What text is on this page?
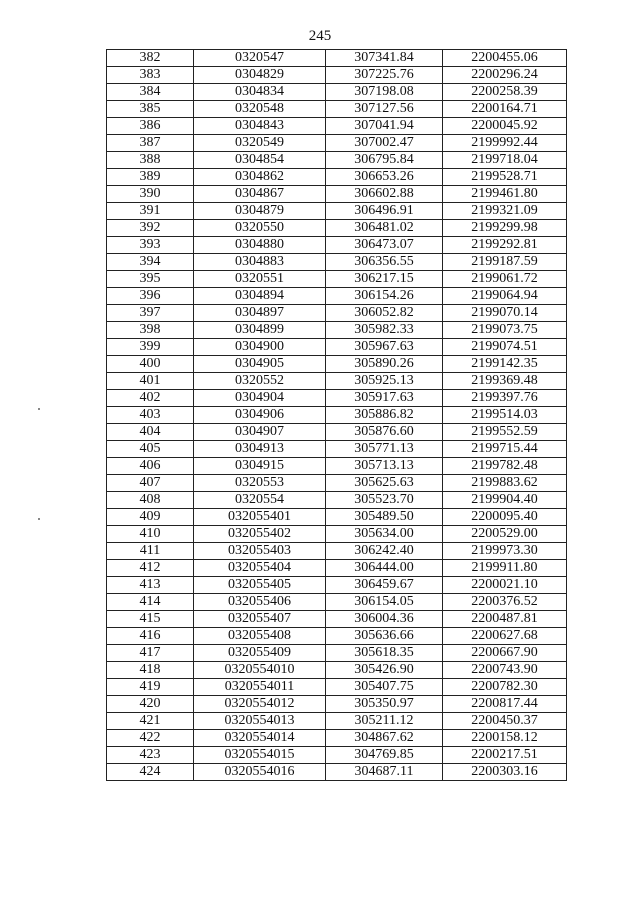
245
382	0320547	307341.84	2200455.06
383	0304829	307225.76	2200296.24
384	0304834	307198.08	2200258.39
385	0320548	307127.56	2200164.71
386	0304843	307041.94	2200045.92
387	0320549	307002.47	2199992.44
388	0304854	306795.84	2199718.04
389	0304862	306653.26	2199528.71
390	0304867	306602.88	2199461.80
391	0304879	306496.91	2199321.09
392	0320550	306481.02	2199299.98
393	0304880	306473.07	2199292.81
394	0304883	306356.55	2199187.59
395	0320551	306217.15	2199061.72
396	0304894	306154.26	2199064.94
397	0304897	306052.82	2199070.14
398	0304899	305982.33	2199073.75
399	0304900	305967.63	2199074.51
400	0304905	305890.26	2199142.35
401	0320552	305925.13	2199369.48
402	0304904	305917.63	2199397.76
403	0304906	305886.82	2199514.03
404	0304907	305876.60	2199552.59
405	0304913	305771.13	2199715.44
406	0304915	305713.13	2199782.48
407	0320553	305625.63	2199883.62
408	0320554	305523.70	2199904.40
409	032055401	305489.50	2200095.40
410	032055402	305634.00	2200529.00
411	032055403	306242.40	2199973.30
412	032055404	306444.00	2199911.80
413	032055405	306459.67	2200021.10
414	032055406	306154.05	2200376.52
415	032055407	306004.36	2200487.81
416	032055408	305636.66	2200627.68
417	032055409	305618.35	2200667.90
418	0320554010	305426.90	2200743.90
419	0320554011	305407.75	2200782.30
420	0320554012	305350.97	2200817.44
421	0320554013	305211.12	2200450.37
422	0320554014	304867.62	2200158.12
423	0320554015	304769.85	2200217.51
424	0320554016	304687.11	2200303.16
